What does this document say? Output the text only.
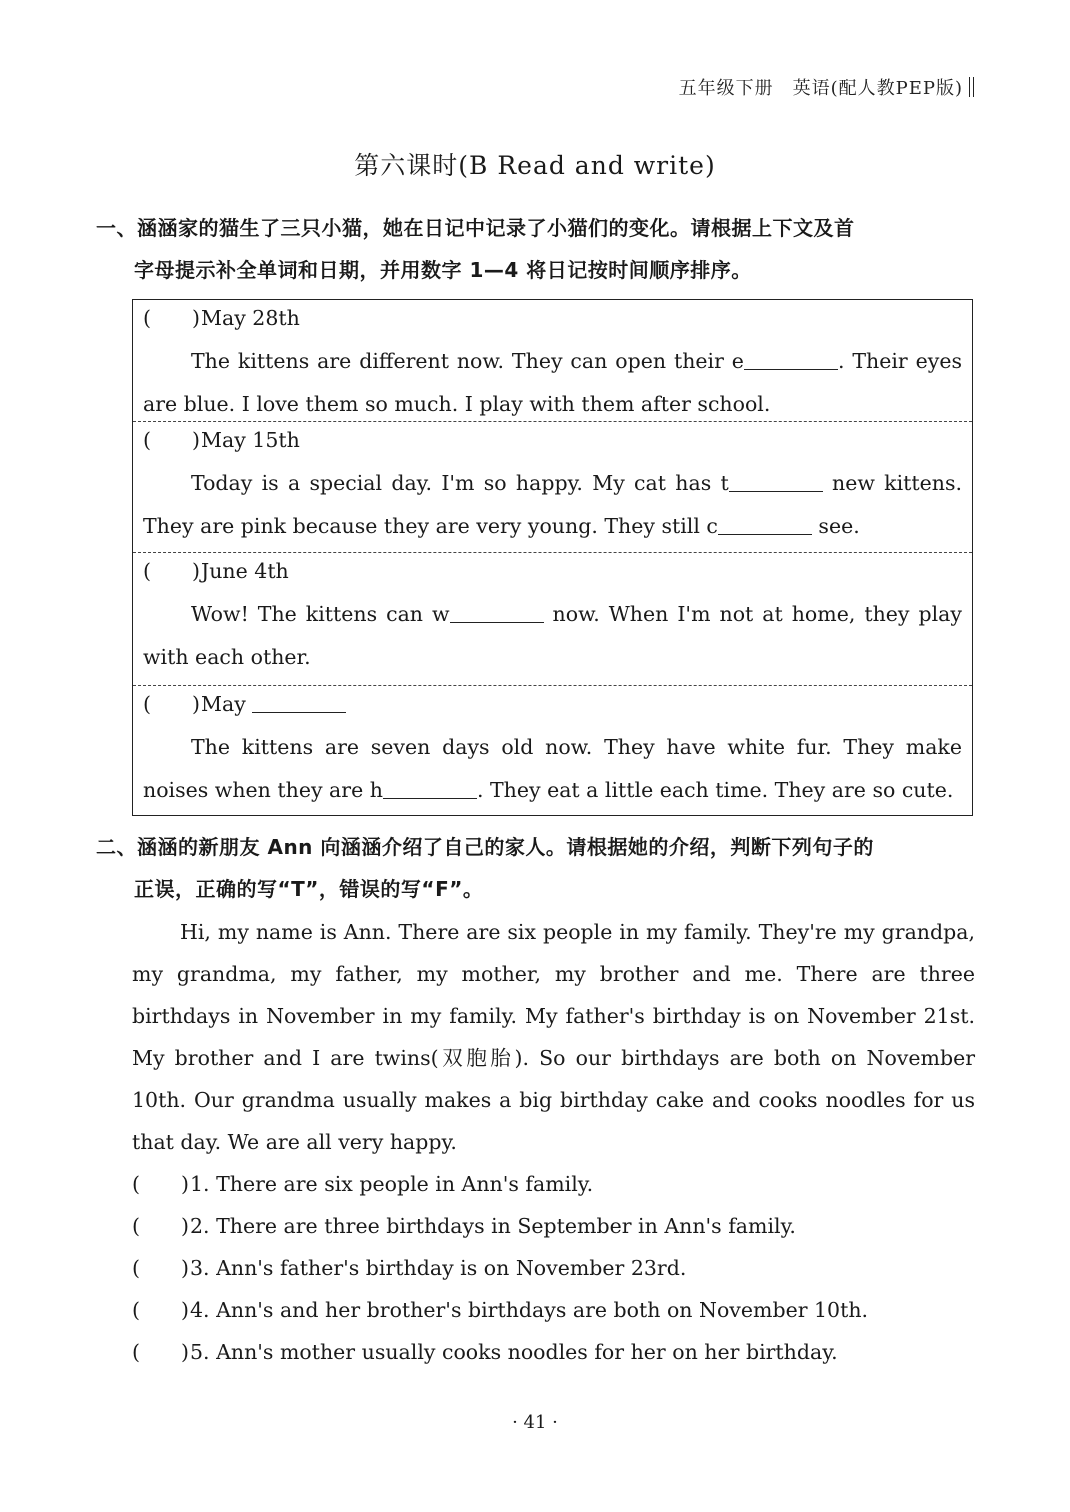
五年级下册　英语(配人教PEP版)
第六课时(B Read and write)
一、涵涵家的猫生了三只小猫，她在日记中记录了小猫们的变化。请根据上下文及首
字母提示补全单词和日期，并用数字 1—4 将日记按时间顺序排序。
(　　)May 28th
The kittens are different now. They can open their e	. Their eyes are blue. I love them so much. I play with them after school.
(　　)May 15th
Today is a special day. I'm so happy. My cat has t	new kittens. They are pink because they are very young. They still c	see.
(　　)June 4th
Wow! The kittens can w	now. When I'm not at home, they play with each other.
(　　)May
The kittens are seven days old now. They have white fur. They make noises when they are h	. They eat a little each time. They are so cute.
二、涵涵的新朋友 Ann 向涵涵介绍了自己的家人。请根据她的介绍，判断下列句子的
正误，正确的写“T”，错误的写“F”。
Hi, my name is Ann. There are six people in my family. They're my grandpa, my grandma, my father, my mother, my brother and me. There are three birthdays in November in my family. My father's birthday is on November 21st. My brother and I are twins(双胞胎). So our birthdays are both on November 10th. Our grandma usually makes a big birthday cake and cooks noodles for us that day. We are all very happy.
(　　)1. There are six people in Ann's family.
(　　)2. There are three birthdays in September in Ann's family.
(　　)3. Ann's father's birthday is on November 23rd.
(　　)4. Ann's and her brother's birthdays are both on November 10th.
(　　)5. Ann's mother usually cooks noodles for her on her birthday.
· 41 ·
